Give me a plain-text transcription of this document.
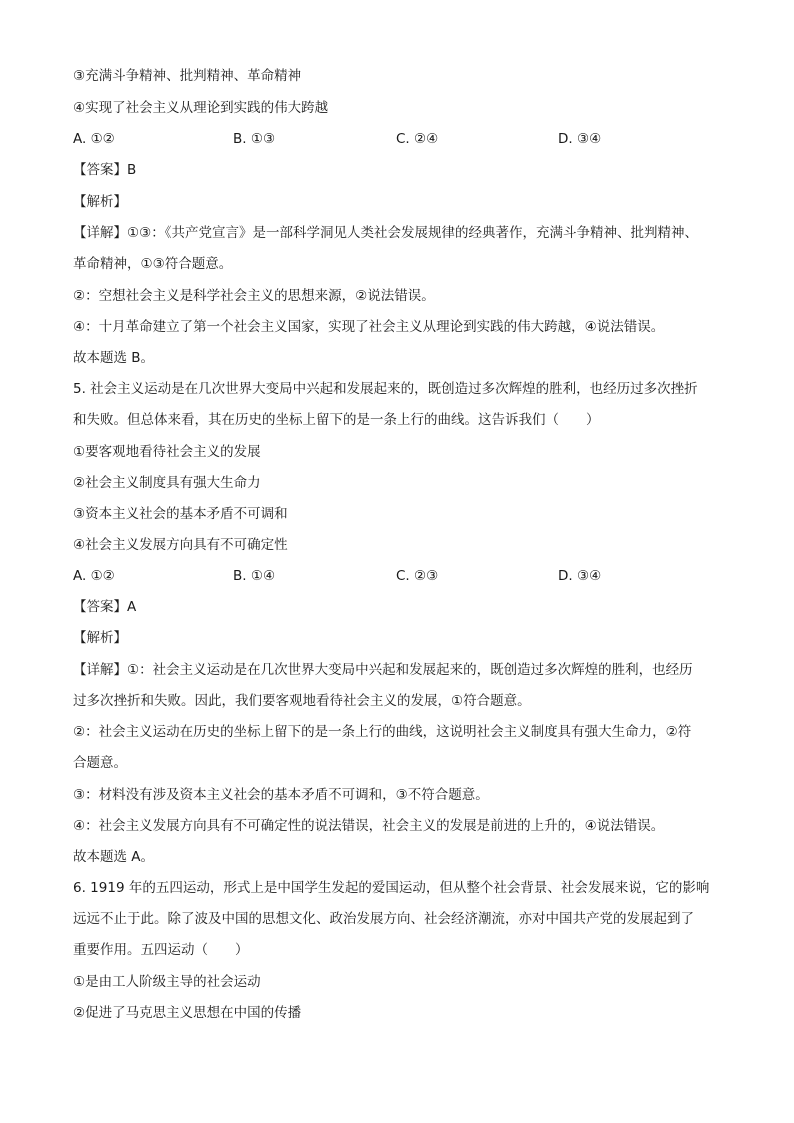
③充满斗争精神、批判精神、革命精神

④实现了社会主义从理论到实践的伟大跨越

A. ①②	B. ①③	C. ②④	D. ③④

【答案】B

【解析】

【详解】①③：《共产党宣言》是一部科学洞见人类社会发展规律的经典著作，充满斗争精神、批判精神、

革命精神，①③符合题意。

②：空想社会主义是科学社会主义的思想来源，②说法错误。

④：十月革命建立了第一个社会主义国家，实现了社会主义从理论到实践的伟大跨越，④说法错误。

故本题选 B。

5. 社会主义运动是在几次世界大变局中兴起和发展起来的，既创造过多次辉煌的胜利，也经历过多次挫折

和失败。但总体来看，其在历史的坐标上留下的是一条上行的曲线。这告诉我们（　　）

①要客观地看待社会主义的发展

②社会主义制度具有强大生命力

③资本主义社会的基本矛盾不可调和

④社会主义发展方向具有不可确定性

A. ①②	B. ①④	C. ②③	D. ③④

【答案】A

【解析】

【详解】①：社会主义运动是在几次世界大变局中兴起和发展起来的，既创造过多次辉煌的胜利，也经历

过多次挫折和失败。因此，我们要客观地看待社会主义的发展，①符合题意。

②：社会主义运动在历史的坐标上留下的是一条上行的曲线，这说明社会主义制度具有强大生命力，②符

合题意。

③：材料没有涉及资本主义社会的基本矛盾不可调和，③不符合题意。

④：社会主义发展方向具有不可确定性的说法错误，社会主义的发展是前进的上升的，④说法错误。

故本题选 A。

6. 1919 年的五四运动，形式上是中国学生发起的爱国运动，但从整个社会背景、社会发展来说，它的影响

远远不止于此。除了波及中国的思想文化、政治发展方向、社会经济潮流，亦对中国共产党的发展起到了

重要作用。五四运动（　　）

①是由工人阶级主导的社会运动

②促进了马克思主义思想在中国的传播
